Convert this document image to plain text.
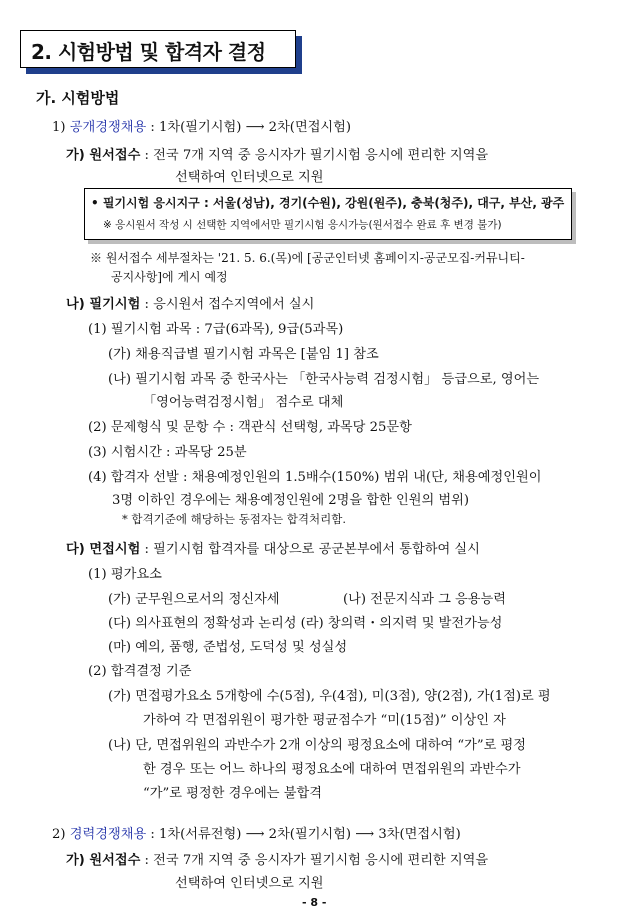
2. 시험방법 및 합격자 결정
가. 시험방법
1) 공개경쟁채용 : 1차(필기시험) ⟶ 2차(면접시험)
가) 원서접수 : 전국 7개 지역 중 응시자가 필기시험 응시에 편리한 지역을
선택하여 인터넷으로 지원
• 필기시험 응시지구 : 서울(성남), 경기(수원), 강원(원주), 충북(청주), 대구, 부산, 광주
※ 응시원서 작성 시 선택한 지역에서만 필기시험 응시가능(원서접수 완료 후 변경 불가)
※ 원서접수 세부절차는 '21. 5. 6.(목)에 [공군인터넷 홈페이지-공군모집-커뮤니티-
공지사항]에 게시 예정
나) 필기시험 : 응시원서 접수지역에서 실시
(1) 필기시험 과목 : 7급(6과목), 9급(5과목)
(가) 채용직급별 필기시험 과목은 [붙임 1] 참조
(나) 필기시험 과목 중 한국사는 「한국사능력 검정시험」 등급으로, 영어는
「영어능력검정시험」 점수로 대체
(2) 문제형식 및 문항 수 : 객관식 선택형, 과목당 25문항
(3) 시험시간 : 과목당 25분
(4) 합격자 선발 : 채용예정인원의 1.5배수(150%) 범위 내(단, 채용예정인원이
3명 이하인 경우에는 채용예정인원에 2명을 합한 인원의 범위)
* 합격기준에 해당하는 동점자는 합격처리함.
다) 면접시험 : 필기시험 합격자를 대상으로 공군본부에서 통합하여 실시
(1) 평가요소
(가) 군무원으로서의 정신자세	(나) 전문지식과 그 응용능력
(다) 의사표현의 정확성과 논리성 (라) 창의력・의지력 및 발전가능성
(마) 예의, 품행, 준법성, 도덕성 및 성실성
(2) 합격결정 기준
(가) 면접평가요소 5개항에 수(5점), 우(4점), 미(3점), 양(2점), 가(1점)로 평
가하여 각 면접위원이 평가한 평균점수가 “미(15점)” 이상인 자
(나) 단, 면접위원의 과반수가 2개 이상의 평정요소에 대하여 “가”로 평정
한 경우 또는 어느 하나의 평정요소에 대하여 면접위원의 과반수가
“가”로 평정한 경우에는 불합격
2) 경력경쟁채용 : 1차(서류전형) ⟶ 2차(필기시험) ⟶ 3차(면접시험)
가) 원서접수 : 전국 7개 지역 중 응시자가 필기시험 응시에 편리한 지역을
선택하여 인터넷으로 지원
- 8 -
